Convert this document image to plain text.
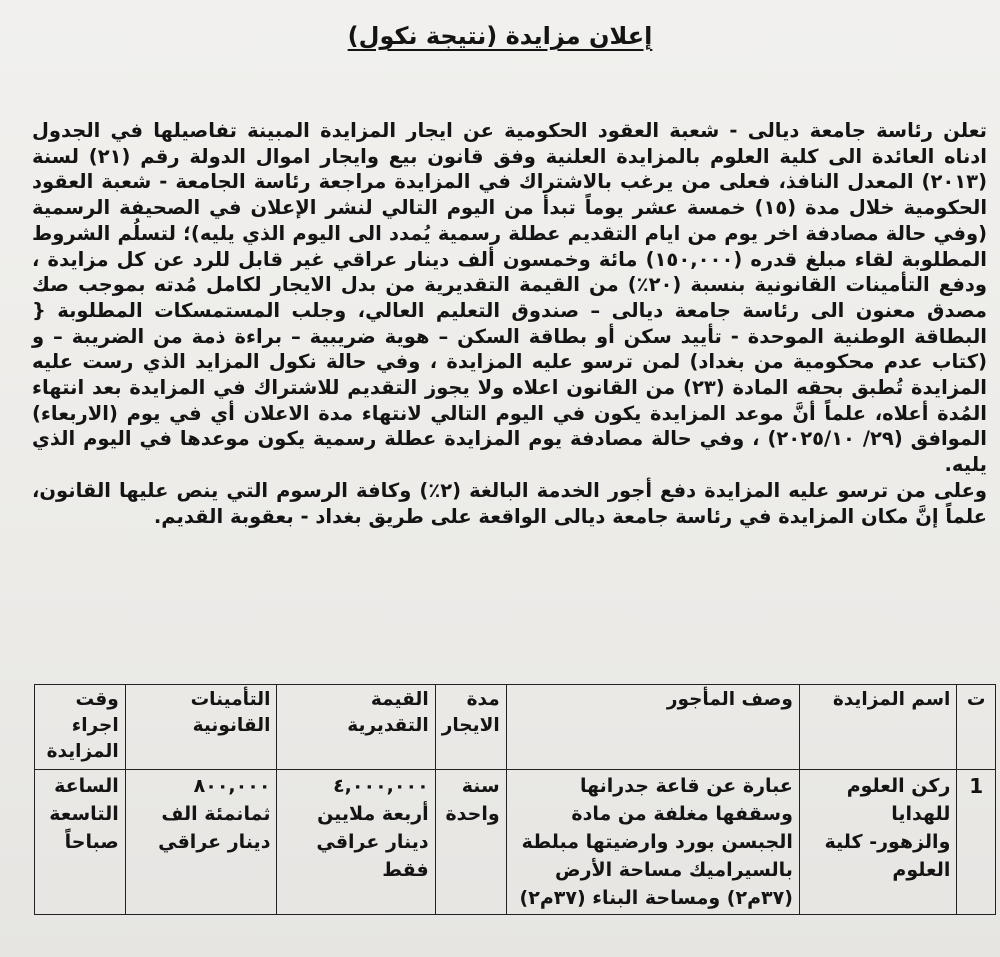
إعلان مزايدة (نتيجة نكول)

تعلن رئاسة جامعة ديالى - شعبة العقود الحكومية عن ايجار المزايدة المبينة تفاصيلها في الجدول ادناه العائدة الى كلية العلوم بالمزايدة العلنية وفق قانون بيع وايجار اموال الدولة رقم (٢١) لسنة (٢٠١٣) المعدل النافذ، فعلى من يرغب بالاشتراك في المزايدة مراجعة رئاسة الجامعة - شعبة العقود الحكومية خلال مدة (١٥) خمسة عشر يوماً تبدأ من اليوم التالي لنشر الإعلان في الصحيفة الرسمية (وفي حالة مصادفة اخر يوم من ايام التقديم عطلة رسمية يُمدد الى اليوم الذي يليه)؛ لتسلُم الشروط المطلوبة لقاء مبلغ قدره (١٥٠,٠٠٠) مائة وخمسون ألف دينار عراقي غير قابل للرد عن كل مزايدة ، ودفع التأمينات القانونية بنسبة (٢٠٪) من القيمة التقديرية من بدل الايجار لكامل مُدته بموجب صك مصدق معنون الى رئاسة جامعة ديالى – صندوق التعليم العالي، وجلب المستمسكات المطلوبة { البطاقة الوطنية الموحدة - تأييد سكن أو بطاقة السكن – هوية ضريبية – براءة ذمة من الضريبة – و (كتاب عدم محكومية من بغداد) لمن ترسو عليه المزايدة ، وفي حالة نكول المزايد الذي رست عليه المزايدة تُطبق بحقه المادة (٢٣) من القانون اعلاه ولا يجوز التقديم للاشتراك في المزايدة بعد انتهاء المُدة أعلاه، علماً أنَّ موعد المزايدة يكون في اليوم التالي لانتهاء مدة الاعلان أي في يوم (الاربعاء) الموافق (٢٩/ ٢٠٢٥/١٠) ، وفي حالة مصادفة يوم المزايدة عطلة رسمية يكون موعدها في اليوم الذي يليه.

وعلى من ترسو عليه المزايدة دفع أجور الخدمة البالغة (٢٪) وكافة الرسوم التي ينص عليها القانون، علماً إنَّ مكان المزايدة في رئاسة جامعة ديالى الواقعة على طريق بغداد - بعقوبة القديم.

ت	اسم المزايدة	وصف المأجور	مدة الايجار	القيمة التقديرية	التأمينات القانونية	وقت اجراء المزايدة
1	ركن العلوم للهدايا والزهور- كلية العلوم	عبارة عن قاعة جدرانها وسقفها مغلفة من مادة الجبسن بورد وارضيتها مبلطة بالسيراميك مساحة الأرض (٣٧م٢) ومساحة البناء (٣٧م٢)	سنة واحدة	٤,٠٠٠,٠٠٠ أربعة ملايين دينار عراقي فقط	٨٠٠,٠٠٠ ثمانمئة الف دينار عراقي	الساعة التاسعة صباحاً
